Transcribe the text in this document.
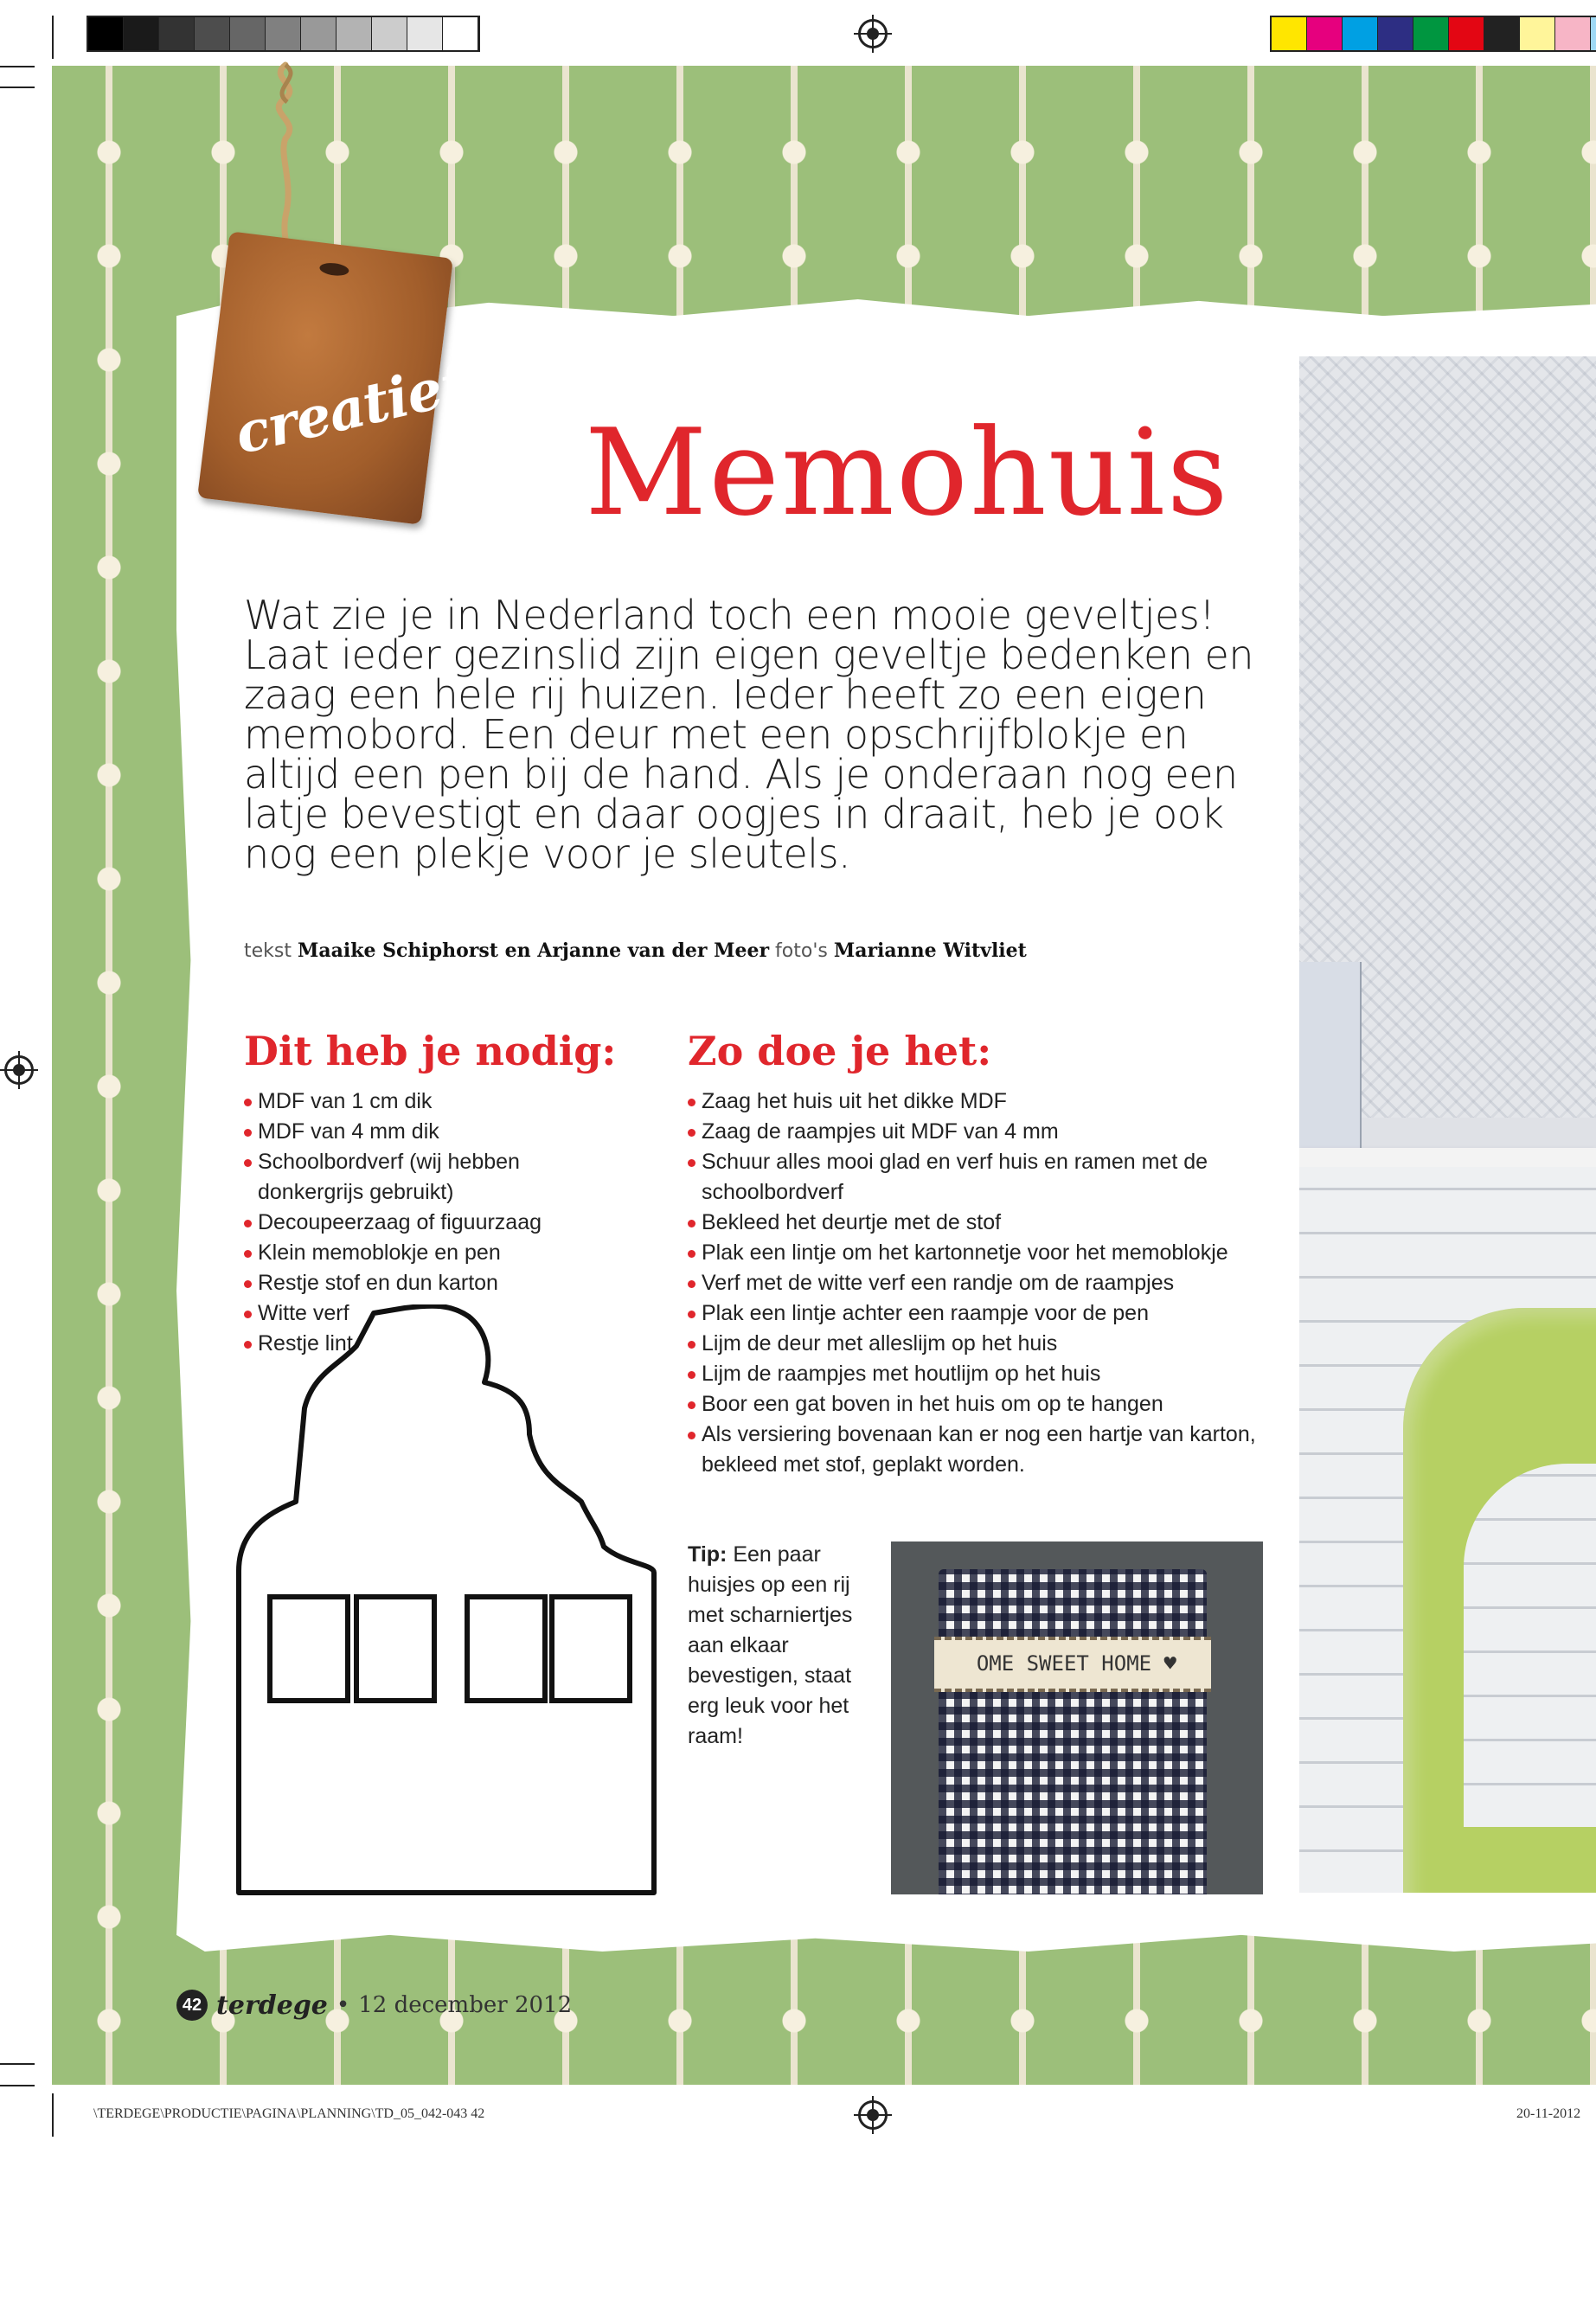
creatief Memohuis

Wat zie je in Nederland toch een mooie geveltjes! Laat ieder gezinslid zijn eigen geveltje bedenken en zaag een hele rij huizen. Ieder heeft zo een eigen memobord. Een deur met een opschrijfblokje en altijd een pen bij de hand. Als je onderaan nog een latje bevestigt en daar oogjes in draait, heb je ook nog een plekje voor je sleutels.

tekst Maaike Schiphorst en Arjanne van der Meer foto's Marianne Witvliet
Dit heb je nodig:
MDF van 1 cm dik
MDF van 4 mm dik
Schoolbordverf (wij hebben donkergrijs gebruikt)
Decoupeerzaag of figuurzaag
Klein memoblokje en pen
Restje stof en dun karton
Witte verf
Restje lint
Zo doe je het:
Zaag het huis uit het dikke MDF
Zaag de raampjes uit MDF van 4 mm
Schuur alles mooi glad en verf huis en ramen met de schoolbordverf
Bekleed het deurtje met de stof
Plak een lintje om het kartonnetje voor het memoblokje
Verf met de witte verf een randje om de raampjes
Plak een lintje achter een raampje voor de pen
Lijm de deur met alleslijm op het huis
Lijm de raampjes met houtlijm op het huis
Boor een gat boven in het huis om op te hangen
Als versiering bovenaan kan er nog een hartje van karton, bekleed met stof, geplakt worden.

Tip: Een paar huisjes op een rij met scharniertjes aan elkaar bevestigen, staat erg leuk voor het raam!

OME SWEET HOME ♥
42 terdege • 12 december 2012
\TERDEGE\PRODUCTIE\PAGINA\PLANNING\TD_05_042-043 42	20-11-2012
